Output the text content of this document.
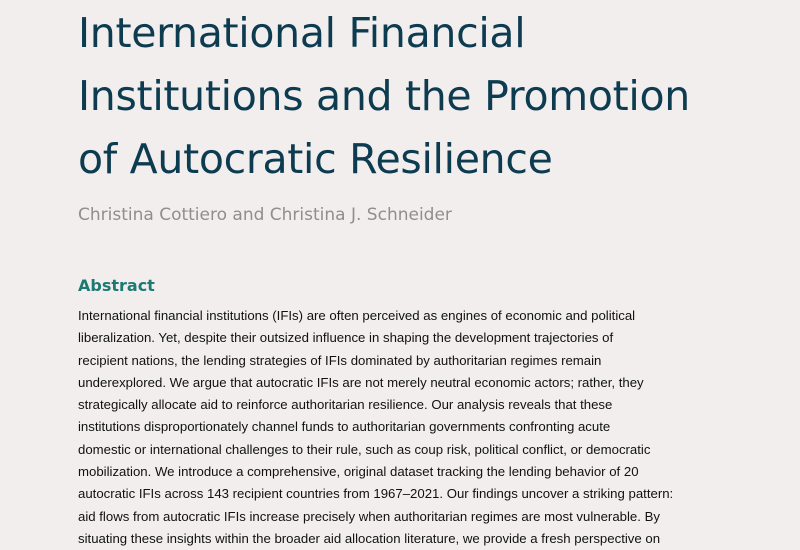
International Financial
Institutions and the Promotion
of Autocratic Resilience

Christina Cottiero and Christina J. Schneider

Abstract
International financial institutions (IFIs) are often perceived as engines of economic and political
liberalization. Yet, despite their outsized influence in shaping the development trajectories of
recipient nations, the lending strategies of IFIs dominated by authoritarian regimes remain
underexplored. We argue that autocratic IFIs are not merely neutral economic actors; rather, they
strategically allocate aid to reinforce authoritarian resilience. Our analysis reveals that these
institutions disproportionately channel funds to authoritarian governments confronting acute
domestic or international challenges to their rule, such as coup risk, political conflict, or democratic
mobilization. We introduce a comprehensive, original dataset tracking the lending behavior of 20
autocratic IFIs across 143 recipient countries from 1967–2021. Our findings uncover a striking pattern:
aid flows from autocratic IFIs increase precisely when authoritarian regimes are most vulnerable. By
situating these insights within the broader aid allocation literature, we provide a fresh perspective on
